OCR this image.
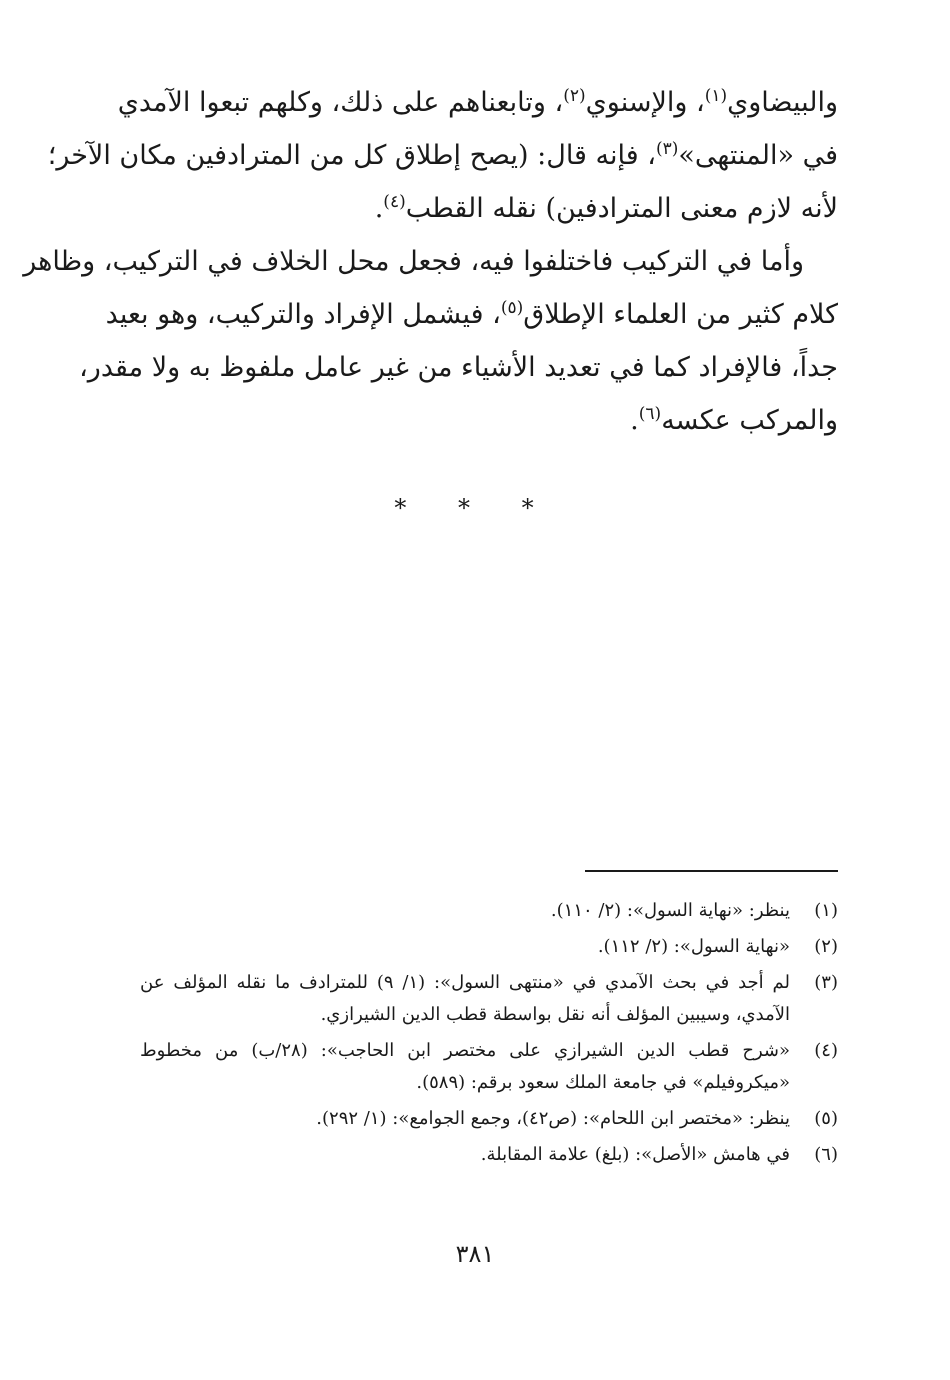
والبيضاوي$^{(١)}$، والإسنوي$^{(٢)}$، وتابعناهم على ذلك، وكلهم تبعوا الآمدي
في «المنتهى»$^{(٣)}$، فإنه قال: (يصح إطلاق كل من المترادفين مكان الآخر؛
لأنه لازم معنى المترادفين) نقله القطب$^{(٤)}$.

وأما في التركيب فاختلفوا فيه، فجعل محل الخلاف في التركيب، وظاهر
كلام كثير من العلماء الإطلاق$^{(٥)}$، فيشمل الإفراد والتركيب، وهو بعيد
جداً، فالإفراد كما في تعديد الأشياء من غير عامل ملفوظ به ولا مقدر،
والمركب عكسه$^{(٦)}$.

* * *
(١)
ينظر: «نهاية السول»: (٢/ ١١٠).
(٢)
«نهاية السول»: (٢/ ١١٢).
(٣)
لم أجد في بحث الآمدي في «منتهى السول»: (١/ ٩) للمترادف ما نقله المؤلف عن
الآمدي، وسيبين المؤلف أنه نقل بواسطة قطب الدين الشيرازي.
(٤)
«شرح قطب الدين الشيرازي على مختصر ابن الحاجب»: (٢٨/ب) من مخطوط
«ميكروفيلم» في جامعة الملك سعود برقم: (٥٨٩).
(٥)
ينظر: «مختصر ابن اللحام»: (ص٤٢)، وجمع الجوامع»: (١/ ٢٩٢).
(٦)
في هامش «الأصل»: (بلغ) علامة المقابلة.
٣٨١
